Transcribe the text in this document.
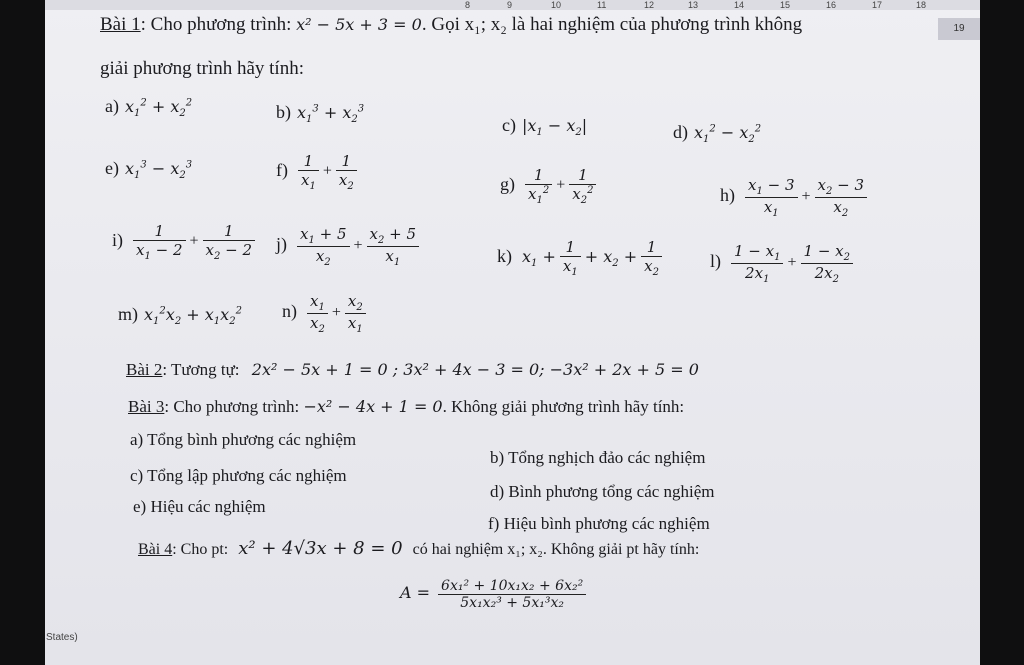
8	9	10	11	12	13	14	15	16	17	18
19
Bài 1: Cho phương trình: x² − 5x + 3 = 0. Gọi x₁; x₂ là hai nghiệm của phương trình không
giải phương trình hãy tính:
a) $x_1^2 + x_2^2$	b) $x_1^3 + x_2^3$
c) $|x_1 - x_2|$	d) $x_1^2 - x_2^2$
e) $x_1^3 - x_2^3$	$f) \frac{1}{x_1} + \frac{1}{x_2}$	$g) \frac{1}{x_1^2} + \frac{1}{x_2^2}$	$h) \frac{x_1 - 3}{x_1} + \frac{x_2 - 3}{x_2}$
$i) \frac{1}{x_1 - 2} + \frac{1}{x_2 - 2} j) \frac{x_1 + 5}{x_2} + \frac{x_2 + 5}{x_1}$	k) $x_1 + \frac{1}{x_1} + x_2 + \frac{1}{x_2}$	$l) \frac{1 - x_1}{2x_1} + \frac{1 - x_2}{2x_2}$
m) $x_1^2x_2 + x_1x_2^2$ $n) \frac{x_1}{x_2} + \frac{x_2}{x_1}$
Bài 2: Tương tự: 2x² − 5x + 1 = 0 ; 3x² + 4x − 3 = 0; −3x² + 2x + 5 = 0
Bài 3: Cho phương trình: −x² − 4x + 1 = 0. Không giải phương trình hãy tính:
a) Tổng bình phương các nghiệm
b) Tổng nghịch đảo các nghiệm
c) Tổng lập phương các nghiệm
d) Bình phương tổng các nghiệm
e) Hiệu các nghiệm
f) Hiệu bình phương các nghiệm
Bài 4: Cho pt: x² + 4√3x + 8 = 0 có hai nghiệm x₁; x₂. Không giải pt hãy tính:
$A = \frac{\text{6x₁² + 10x₁x₂ + 6x₂²}}{\text{5x₁x₂³ + 5x₁³x₂}}$
States)
